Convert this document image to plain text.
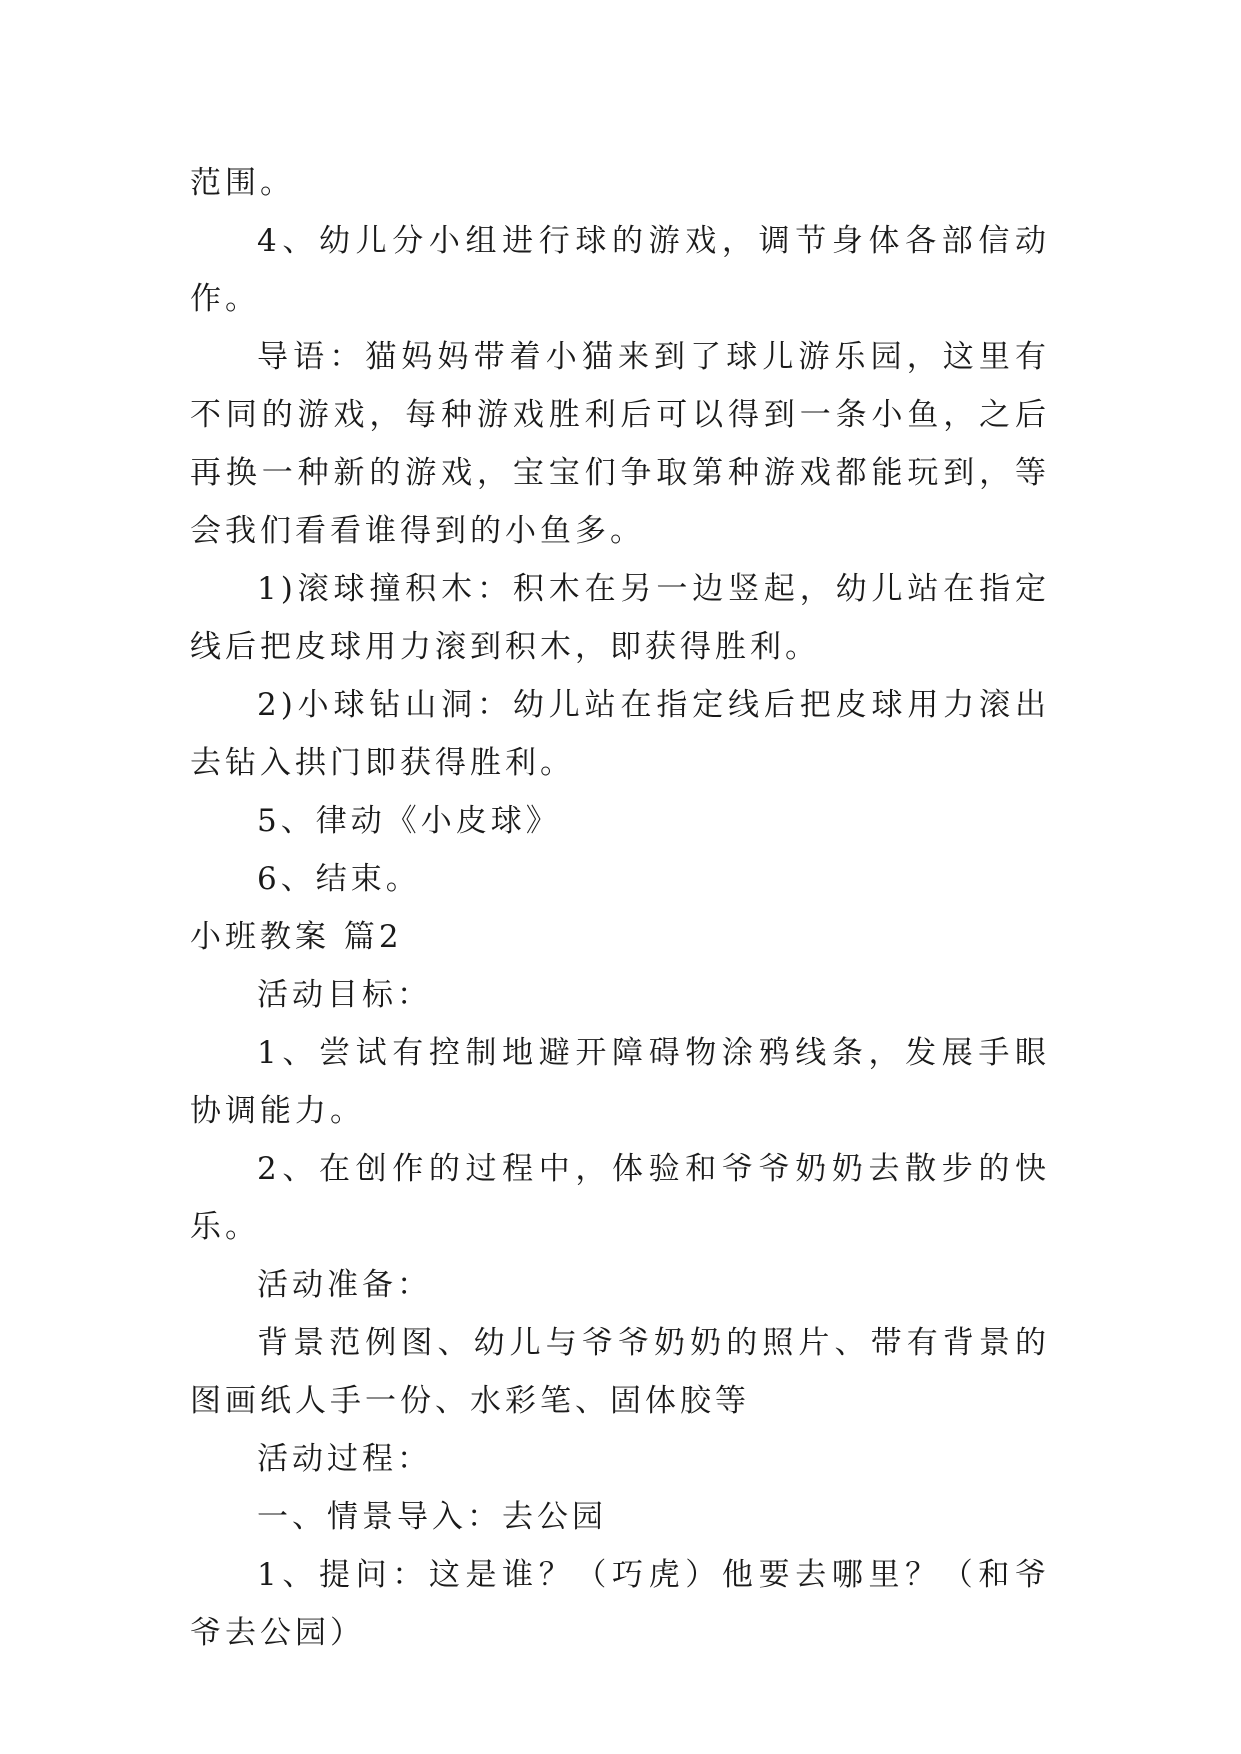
范围。

4、幼儿分小组进行球的游戏，调节身体各部信动作。

导语：猫妈妈带着小猫来到了球儿游乐园，这里有不同的游戏，每种游戏胜利后可以得到一条小鱼，之后再换一种新的游戏，宝宝们争取第种游戏都能玩到，等会我们看看谁得到的小鱼多。

1)滚球撞积木：积木在另一边竖起，幼儿站在指定线后把皮球用力滚到积木，即获得胜利。

2)小球钻山洞：幼儿站在指定线后把皮球用力滚出去钻入拱门即获得胜利。

5、律动《小皮球》

6、结束。

小班教案 篇2

活动目标：

1、尝试有控制地避开障碍物涂鸦线条，发展手眼协调能力。

2、在创作的过程中，体验和爷爷奶奶去散步的快乐。

活动准备：

背景范例图、幼儿与爷爷奶奶的照片、带有背景的图画纸人手一份、水彩笔、固体胶等

活动过程：

一、情景导入：去公园

1、提问：这是谁？（巧虎）他要去哪里？（和爷爷去公园）
